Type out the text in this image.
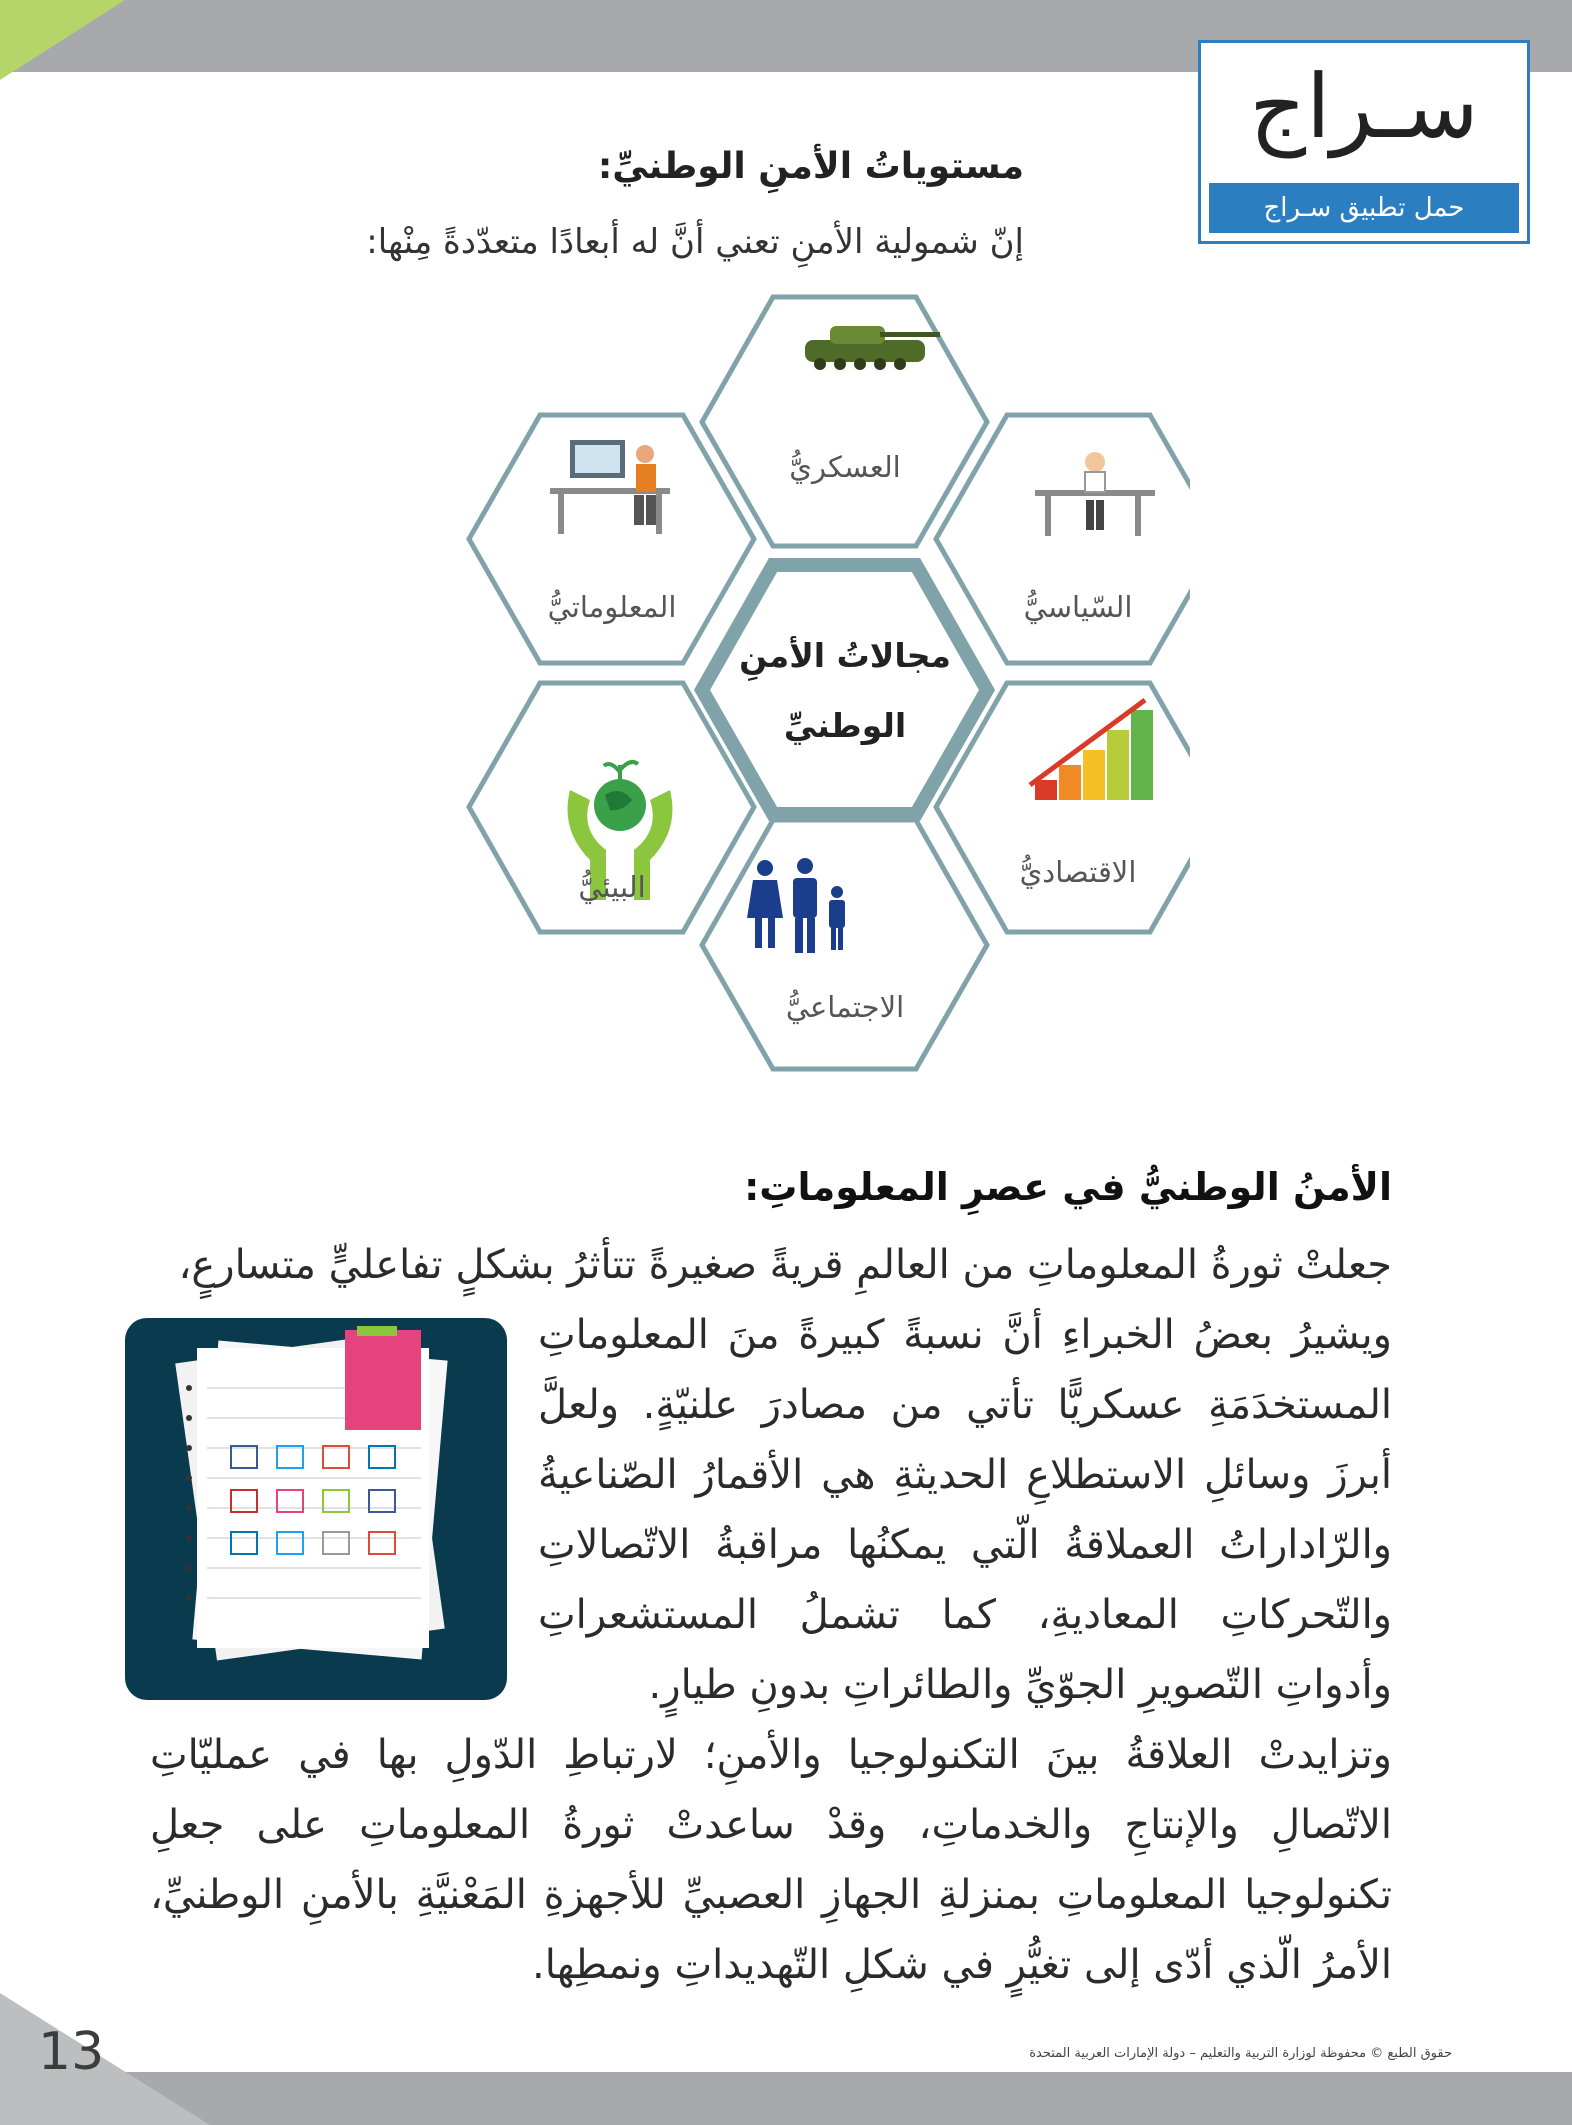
سـراج
حمل تطبيق سـراج
مستوياتُ الأمنِ الوطنيِّ:
إنّ شمولية الأمنِ تعني أنَّ له أبعادًا متعدّدةً مِنْها:
العسكريُّ
السّياسيُّ
الاقتصاديُّ
الاجتماعيُّ
البيئيُّ
المعلوماتيُّ
مجالاتُ الأمنِ
الوطنيِّ
الأمنُ الوطنيُّ في عصرِ المعلوماتِ:
جعلتْ ثورةُ المعلوماتِ من العالمِ قريةً صغيرةً تتأثرُ بشكلٍ تفاعليٍّ متسارعٍ،
ويشيرُ بعضُ الخبراءِ أنَّ نسبةً كبيرةً منَ المعلوماتِ المستخدَمَةِ عسكريًّا تأتي من مصادرَ علنيّةٍ. ولعلَّ أبرزَ وسائلِ الاستطلاعِ الحديثةِ هي الأقمارُ الصّناعيةُ والرّاداراتُ العملاقةُ الّتي يمكنُها مراقبةُ الاتّصالاتِ والتّحركاتِ المعاديةِ، كما تشملُ المستشعراتِ وأدواتِ التّصويرِ الجوّيِّ والطائراتِ بدونِ طيارٍ.
وتزايدتْ العلاقةُ بينَ التكنولوجيا والأمنِ؛ لارتباطِ الدّولِ بها في عمليّاتِ الاتّصالِ والإنتاجِ والخدماتِ، وقدْ ساعدتْ ثورةُ المعلوماتِ على جعلِ تكنولوجيا المعلوماتِ بمنزلةِ الجهازِ العصبيِّ للأجهزةِ المَعْنيَّةِ بالأمنِ الوطنيِّ، الأمرُ الّذي أدّى إلى تغيُّرٍ في شكلِ التّهديداتِ ونمطِها.
13	حقوق الطبع © محفوظة لوزارة التربية والتعليم – دولة الإمارات العربية المتحدة
